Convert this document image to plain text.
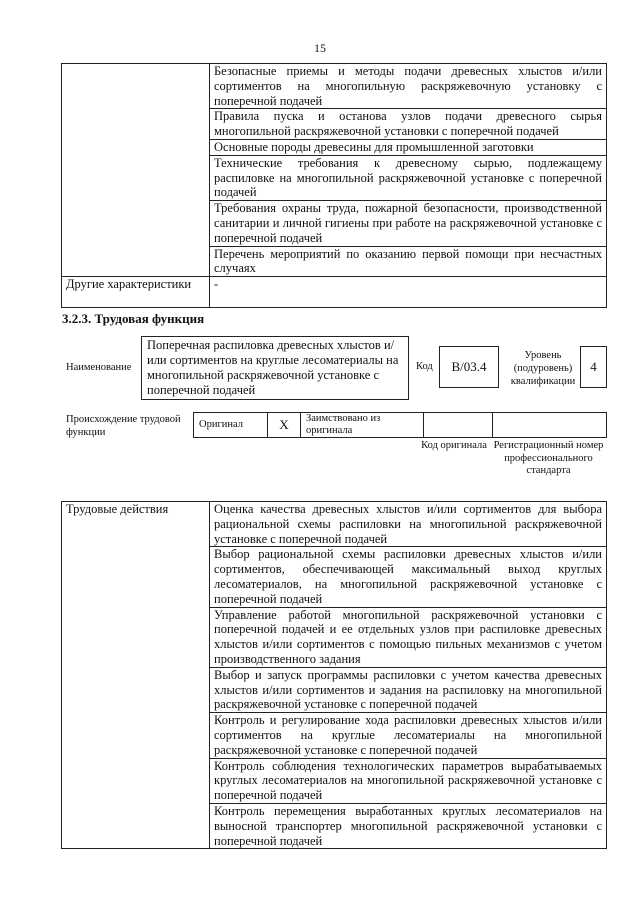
15
	Безопасные приемы и методы подачи древесных хлыстов и/или сортиментов на многопильную раскряжевочную установку с поперечной подачей
	Правила пуска и останова узлов подачи древесного сырья многопильной раскряжевочной установки с поперечной подачей
	Основные породы древесины для промышленной заготовки
	Технические требования к древесному сырью, подлежащему распиловке на многопильной раскряжевочной установке с поперечной подачей
	Требования охраны труда, пожарной безопасности, производственной санитарии и личной гигиены при работе на раскряжевочной установке с поперечной подачей
	Перечень мероприятий по оказанию первой помощи при несчастных случаях
Другие характеристики	-
3.2.3. Трудовая функция
Наименование
Поперечная распиловка древесных хлыстов и/или сортиментов на круглые лесоматериалы на многопильной раскряжевочной установке с поперечной подачей
Код	B/03.4
Уровень (подуровень) квалификации
4
Происхождение трудовой функции
Оригинал	X	Заимствовано из оригинала		
Код оригинала Регистрационный номер профессионального стандарта
Трудовые действия	Оценка качества древесных хлыстов и/или сортиментов для выбора рациональной схемы распиловки на многопильной раскряжевочной установке с поперечной подачей
Выбор рациональной схемы распиловки древесных хлыстов и/или сортиментов, обеспечивающей максимальный выход круглых лесоматериалов, на многопильной раскряжевочной установке с поперечной подачей
Управление работой многопильной раскряжевочной установки с поперечной подачей и ее отдельных узлов при распиловке древесных хлыстов и/или сортиментов с помощью пильных механизмов с учетом производственного задания
Выбор и запуск программы распиловки с учетом качества древесных хлыстов и/или сортиментов и задания на распиловку на многопильной раскряжевочной установке с поперечной подачей
Контроль и регулирование хода распиловки древесных хлыстов и/или сортиментов на круглые лесоматериалы на многопильной раскряжевочной установке с поперечной подачей
Контроль соблюдения технологических параметров вырабатываемых круглых лесоматериалов на многопильной раскряжевочной установке с поперечной подачей
Контроль перемещения выработанных круглых лесоматериалов на выносной транспортер многопильной раскряжевочной установки с поперечной подачей
